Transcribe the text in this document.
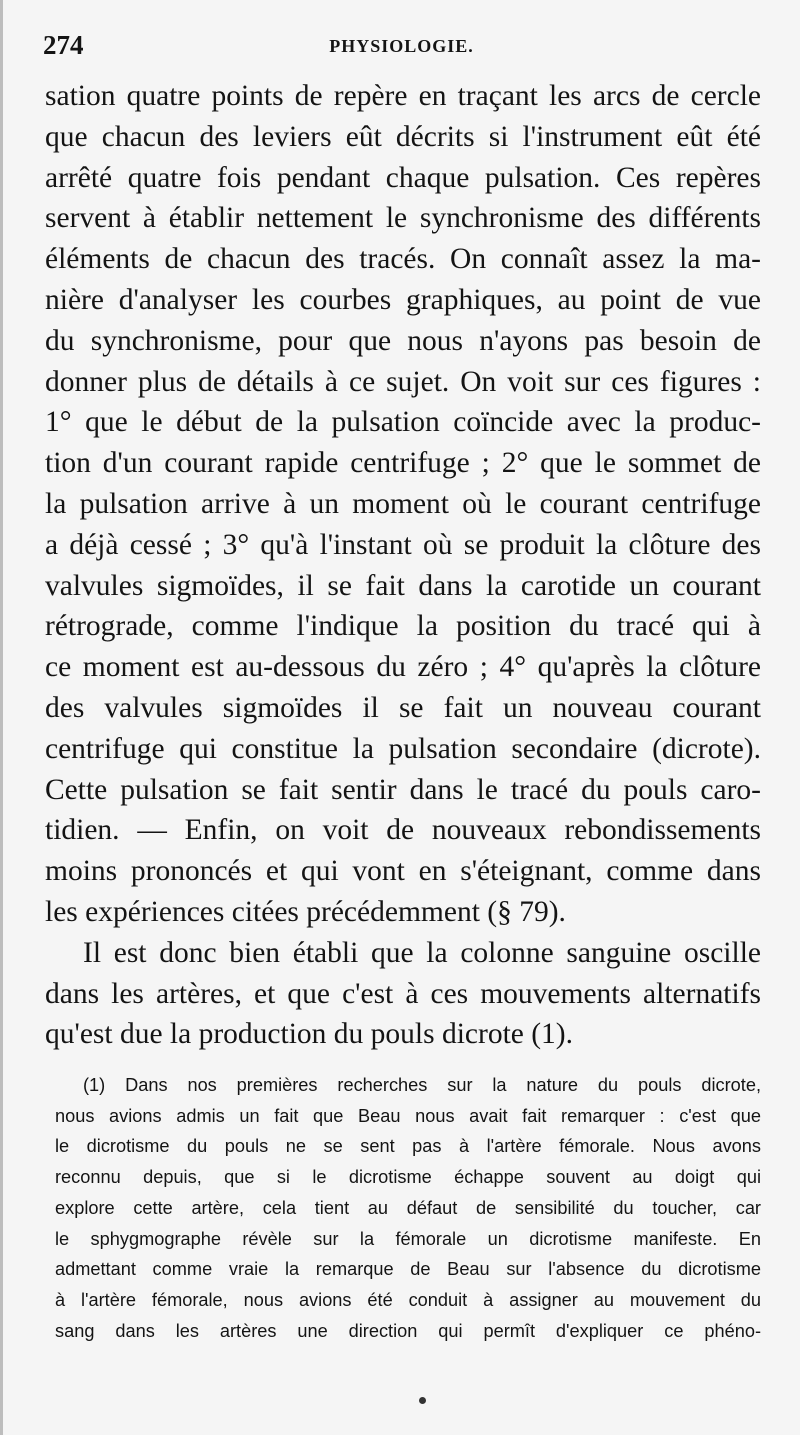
274	PHYSIOLOGIE.
sation quatre points de repère en traçant les arcs de cercle
que chacun des leviers eût décrits si l'instrument eût été
arrêté quatre fois pendant chaque pulsation. Ces repères
servent à établir nettement le synchronisme des différents
éléments de chacun des tracés. On connaît assez la ma-
nière d'analyser les courbes graphiques, au point de vue
du synchronisme, pour que nous n'ayons pas besoin de
donner plus de détails à ce sujet. On voit sur ces figures :
1° que le début de la pulsation coïncide avec la produc-
tion d'un courant rapide centrifuge ; 2° que le sommet de
la pulsation arrive à un moment où le courant centrifuge
a déjà cessé ; 3° qu'à l'instant où se produit la clôture des
valvules sigmoïdes, il se fait dans la carotide un courant
rétrograde, comme l'indique la position du tracé qui à
ce moment est au-dessous du zéro ; 4° qu'après la clôture
des valvules sigmoïdes il se fait un nouveau courant
centrifuge qui constitue la pulsation secondaire (dicrote).
Cette pulsation se fait sentir dans le tracé du pouls caro-
tidien. — Enfin, on voit de nouveaux rebondissements
moins prononcés et qui vont en s'éteignant, comme dans
les expériences citées précédemment (§ 79).
Il est donc bien établi que la colonne sanguine oscille
dans les artères, et que c'est à ces mouvements alternatifs
qu'est due la production du pouls dicrote (1).
(1) Dans nos premières recherches sur la nature du pouls dicrote,
nous avions admis un fait que Beau nous avait fait remarquer : c'est que
le dicrotisme du pouls ne se sent pas à l'artère fémorale. Nous avons
reconnu depuis, que si le dicrotisme échappe souvent au doigt qui
explore cette artère, cela tient au défaut de sensibilité du toucher, car
le sphygmographe révèle sur la fémorale un dicrotisme manifeste. En
admettant comme vraie la remarque de Beau sur l'absence du dicrotisme
à l'artère fémorale, nous avions été conduit à assigner au mouvement du
sang dans les artères une direction qui permît d'expliquer ce phéno-
